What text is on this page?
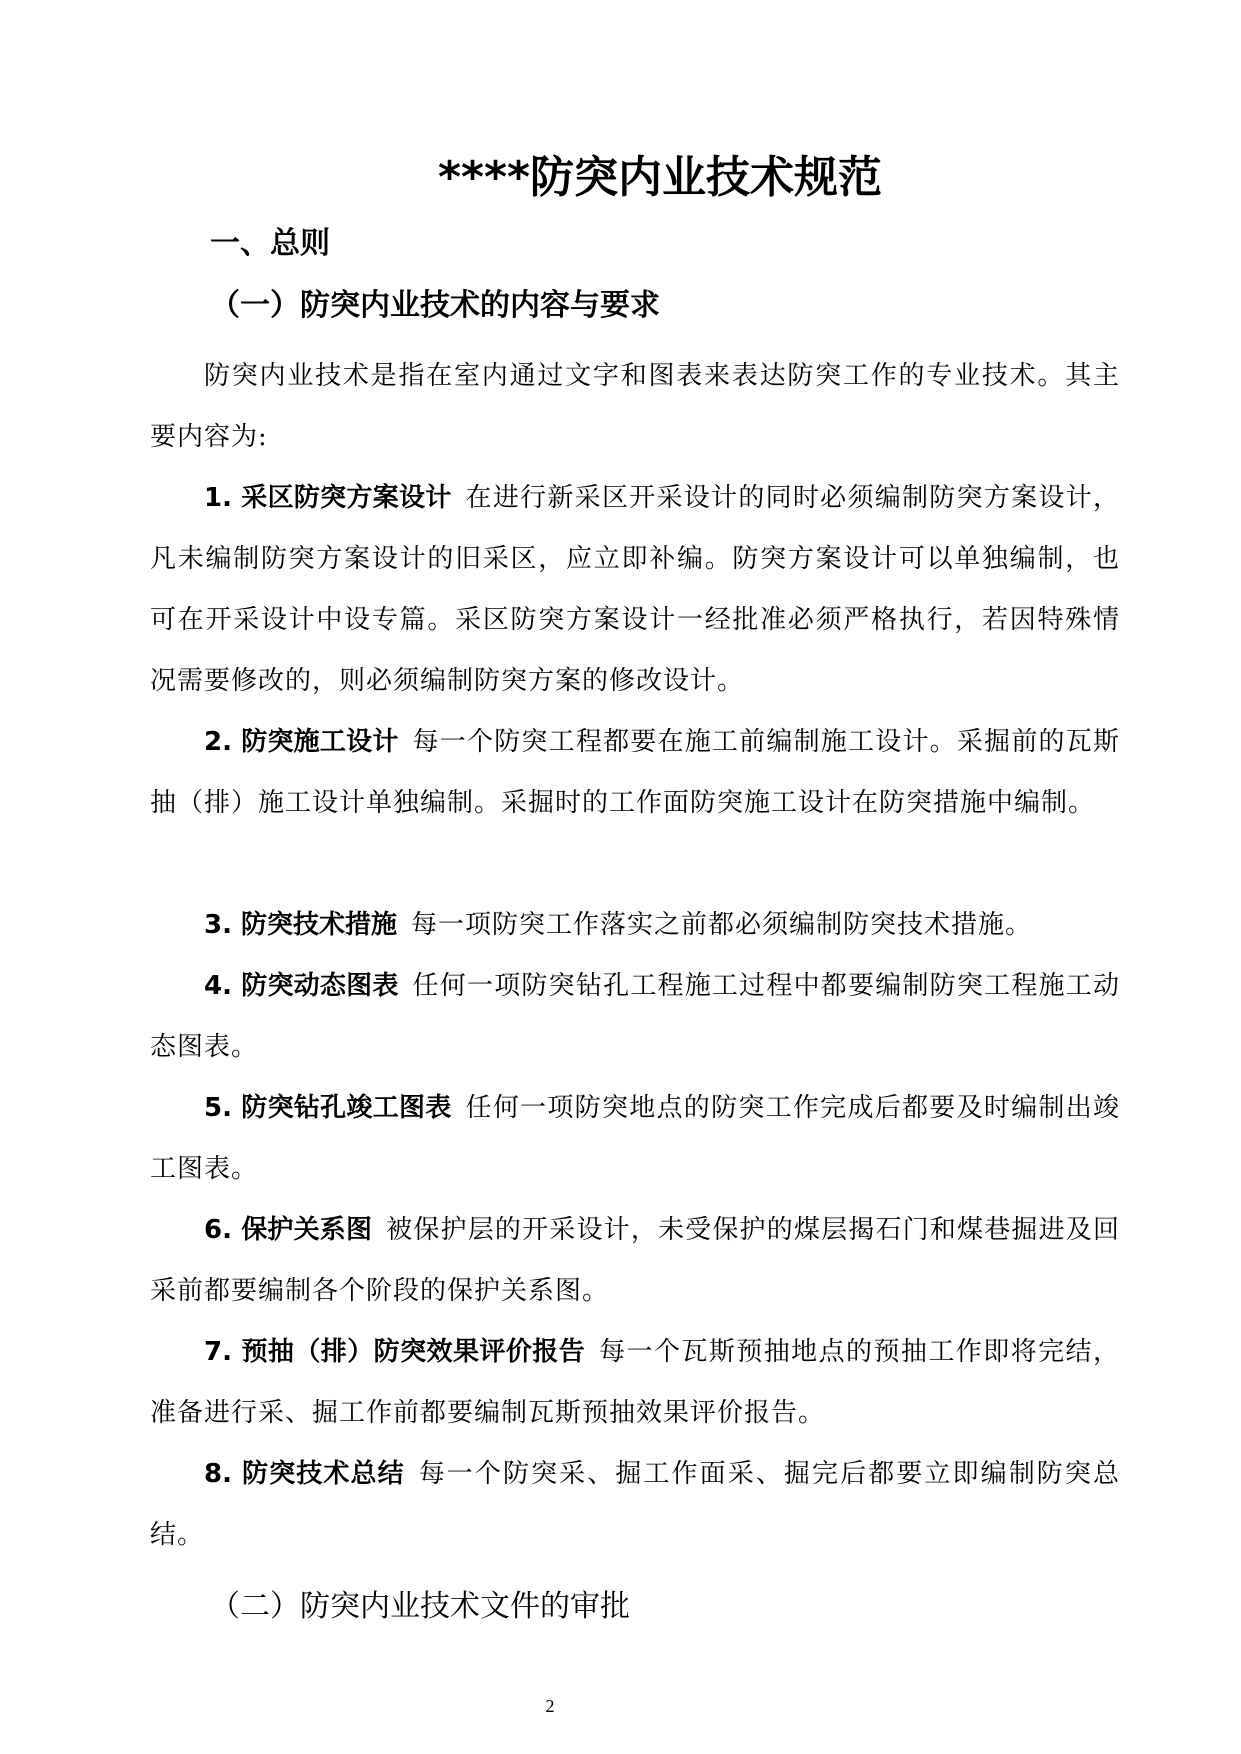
****防突内业技术规范
一、总则
（一）防突内业技术的内容与要求
防突内业技术是指在室内通过文字和图表来表达防突工作的专业技术。其主要内容为:
1. 采区防突方案设计 在进行新采区开采设计的同时必须编制防突方案设计，凡未编制防突方案设计的旧采区，应立即补编。防突方案设计可以单独编制，也可在开采设计中设专篇。采区防突方案设计一经批准必须严格执行，若因特殊情况需要修改的，则必须编制防突方案的修改设计。
2. 防突施工设计 每一个防突工程都要在施工前编制施工设计。采掘前的瓦斯抽（排）施工设计单独编制。采掘时的工作面防突施工设计在防突措施中编制。
3. 防突技术措施 每一项防突工作落实之前都必须编制防突技术措施。
4. 防突动态图表 任何一项防突钻孔工程施工过程中都要编制防突工程施工动态图表。
5. 防突钻孔竣工图表 任何一项防突地点的防突工作完成后都要及时编制出竣工图表。
6. 保护关系图 被保护层的开采设计，未受保护的煤层揭石门和煤巷掘进及回采前都要编制各个阶段的保护关系图。
7. 预抽（排）防突效果评价报告 每一个瓦斯预抽地点的预抽工作即将完结，准备进行采、掘工作前都要编制瓦斯预抽效果评价报告。
8. 防突技术总结 每一个防突采、掘工作面采、掘完后都要立即编制防突总结。
（二）防突内业技术文件的审批
2
